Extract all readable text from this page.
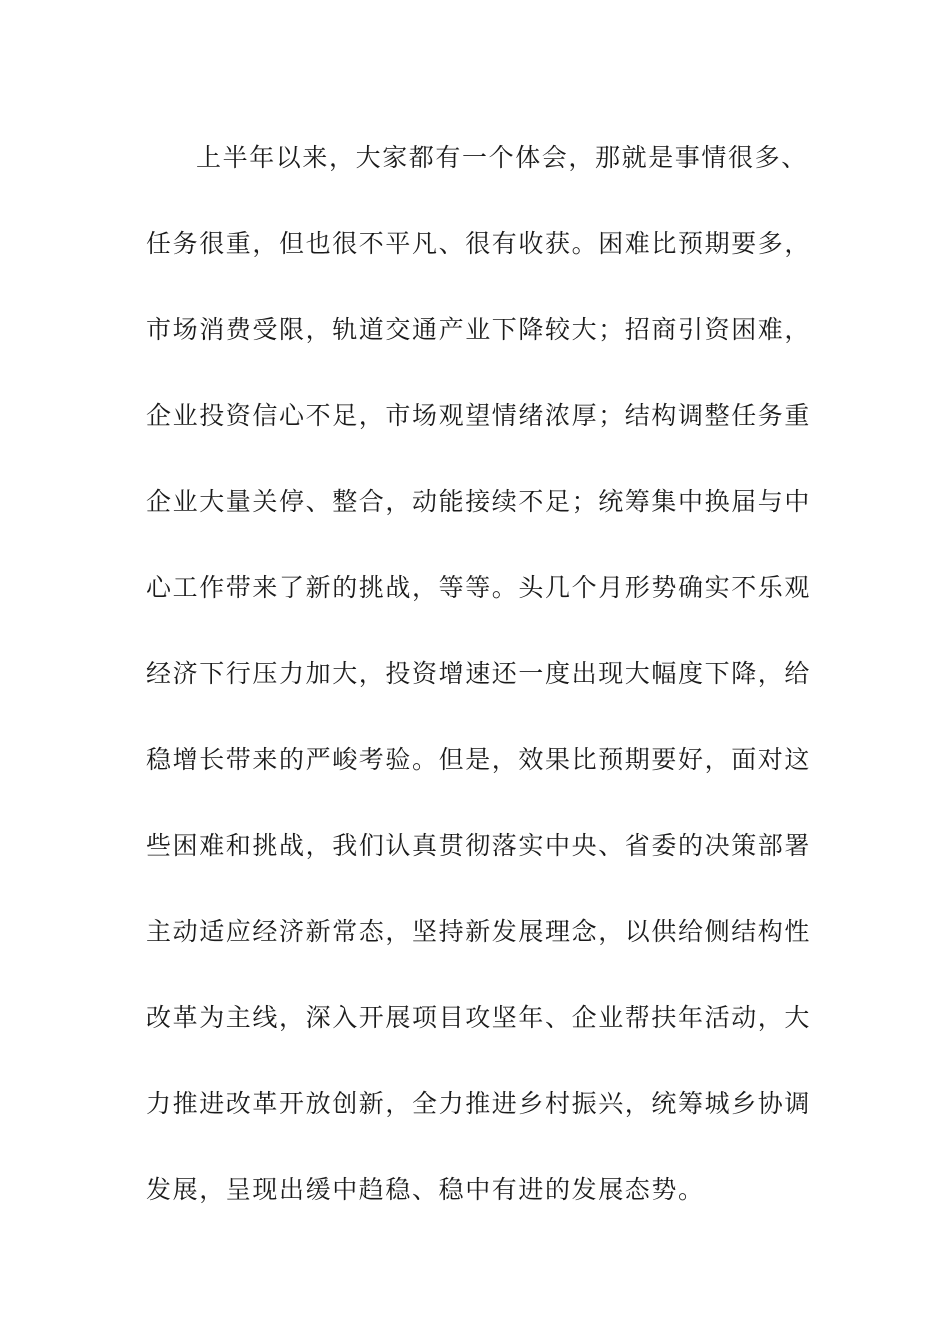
上半年以来，大家都有一个体会，那就是事情很多、
任务很重，但也很不平凡、很有收获。困难比预期要多，
市场消费受限，轨道交通产业下降较大；招商引资困难，
企业投资信心不足，市场观望情绪浓厚；结构调整任务重
企业大量关停、整合，动能接续不足；统筹集中换届与中
心工作带来了新的挑战，等等。头几个月形势确实不乐观
经济下行压力加大，投资增速还一度出现大幅度下降，给
稳增长带来的严峻考验。但是，效果比预期要好，面对这
些困难和挑战，我们认真贯彻落实中央、省委的决策部署
主动适应经济新常态，坚持新发展理念，以供给侧结构性
改革为主线，深入开展项目攻坚年、企业帮扶年活动，大
力推进改革开放创新，全力推进乡村振兴，统筹城乡协调
发展，呈现出缓中趋稳、稳中有进的发展态势。
